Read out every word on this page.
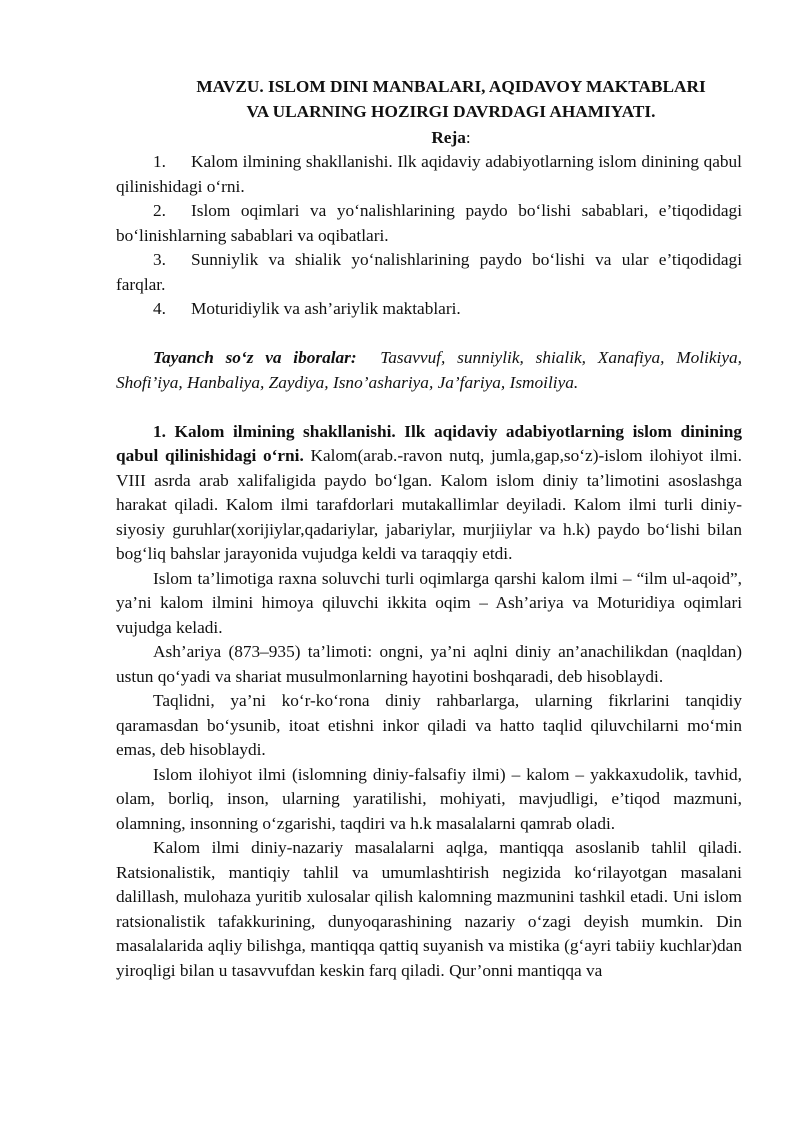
MAVZU. ISLOM DINI MANBALARI, AQIDAVOY MAKTABLARI
VA ULARNING HOZIRGI DAVRDAGI AHAMIYATI.
Reja:

1. Kalom ilmining shakllanishi. Ilk aqidaviy adabiyotlarning islom dinining qabul qilinishidagi o‘rni.

2. Islom oqimlari va yo‘nalishlarining paydo bo‘lishi sabablari, e’tiqodidagi bo‘linishlarning sabablari va oqibatlari.

3. Sunniylik va shialik yo‘nalishlarining paydo bo‘lishi va ular e’tiqodidagi farqlar.

4. Moturidiylik va ash’ariylik maktablari.

Tayanch so‘z va iboralar: Tasavvuf, sunniylik, shialik, Xanafiya, Molikiya, Shofi’iya, Hanbaliya, Zaydiya, Isno’ashariya, Ja’fariya, Ismoiliya.

1. Kalom ilmining shakllanishi. Ilk aqidaviy adabiyotlarning islom dinining qabul qilinishidagi o‘rni. Kalom(arab.-ravon nutq, jumla,gap,so‘z)-islom ilohiyot ilmi. VIII asrda arab xalifaligida paydo bo‘lgan. Kalom islom diniy ta’limotini asoslashga harakat qiladi. Kalom ilmi tarafdorlari mutakallimlar deyiladi. Kalom ilmi turli diniy-siyosiy guruhlar(xorijiylar,qadariylar, jabariylar, murjiiylar va h.k) paydo bo‘lishi bilan bog‘liq bahslar jarayonida vujudga keldi va taraqqiy etdi.

Islom ta’limotiga raxna soluvchi turli oqimlarga qarshi kalom ilmi – “ilm ul-aqoid”, ya’ni kalom ilmini himoya qiluvchi ikkita oqim – Ash’ariya va Moturidiya oqimlari vujudga keladi.

Ash’ariya (873–935) ta’limoti: ongni, ya’ni aqlni diniy an’anachilikdan (naqldan) ustun qo‘yadi va shariat musulmonlarning hayotini boshqaradi, deb hisoblaydi.

Taqlidni, ya’ni ko‘r-ko‘rona diniy rahbarlarga, ularning fikrlarini tanqidiy qaramasdan bo‘ysunib, itoat etishni inkor qiladi va hatto taqlid qiluvchilarni mo‘min emas, deb hisoblaydi.

Islom ilohiyot ilmi (islomning diniy-falsafiy ilmi) – kalom – yakkaxudolik, tavhid, olam, borliq, inson, ularning yaratilishi, mohiyati, mavjudligi, e’tiqod mazmuni, olamning, insonning o‘zgarishi, taqdiri va h.k masalalarni qamrab oladi.

Kalom ilmi diniy-nazariy masalalarni aqlga, mantiqqa asoslanib tahlil qiladi. Ratsionalistik, mantiqiy tahlil va umumlashtirish negizida ko‘rilayotgan masalani dalillash, mulohaza yuritib xulosalar qilish kalomning mazmunini tashkil etadi. Uni islom ratsionalistik tafakkurining, dunyoqarashining nazariy o‘zagi deyish mumkin. Din masalalarida aqliy bilishga, mantiqqa qattiq suyanish va mistika (g‘ayri tabiiy kuchlar)dan yiroqligi bilan u tasavvufdan keskin farq qiladi. Qur’onni mantiqqa va
